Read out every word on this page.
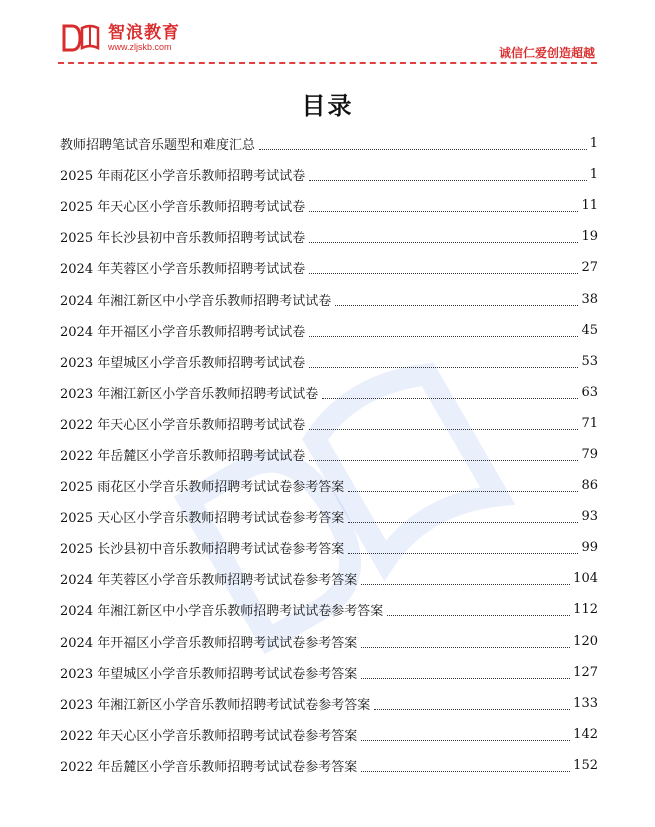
智浪教育
www.zljskb.com	诚信仁爱创造超越
目录
教师招聘笔试音乐题型和难度汇总	1
2025 年雨花区小学音乐教师招聘考试试卷	1
2025 年天心区小学音乐教师招聘考试试卷	11
2025 年长沙县初中音乐教师招聘考试试卷	19
2024 年芙蓉区小学音乐教师招聘考试试卷	27
2024 年湘江新区中小学音乐教师招聘考试试卷	38
2024 年开福区小学音乐教师招聘考试试卷	45
2023 年望城区小学音乐教师招聘考试试卷	53
2023 年湘江新区小学音乐教师招聘考试试卷	63
2022 年天心区小学音乐教师招聘考试试卷	71
2022 年岳麓区小学音乐教师招聘考试试卷	79
2025 雨花区小学音乐教师招聘考试试卷参考答案	86
2025 天心区小学音乐教师招聘考试试卷参考答案	93
2025 长沙县初中音乐教师招聘考试试卷参考答案	99
2024 年芙蓉区小学音乐教师招聘考试试卷参考答案	104
2024 年湘江新区中小学音乐教师招聘考试试卷参考答案	112
2024 年开福区小学音乐教师招聘考试试卷参考答案	120
2023 年望城区小学音乐教师招聘考试试卷参考答案	127
2023 年湘江新区小学音乐教师招聘考试试卷参考答案	133
2022 年天心区小学音乐教师招聘考试试卷参考答案	142
2022 年岳麓区小学音乐教师招聘考试试卷参考答案	152
